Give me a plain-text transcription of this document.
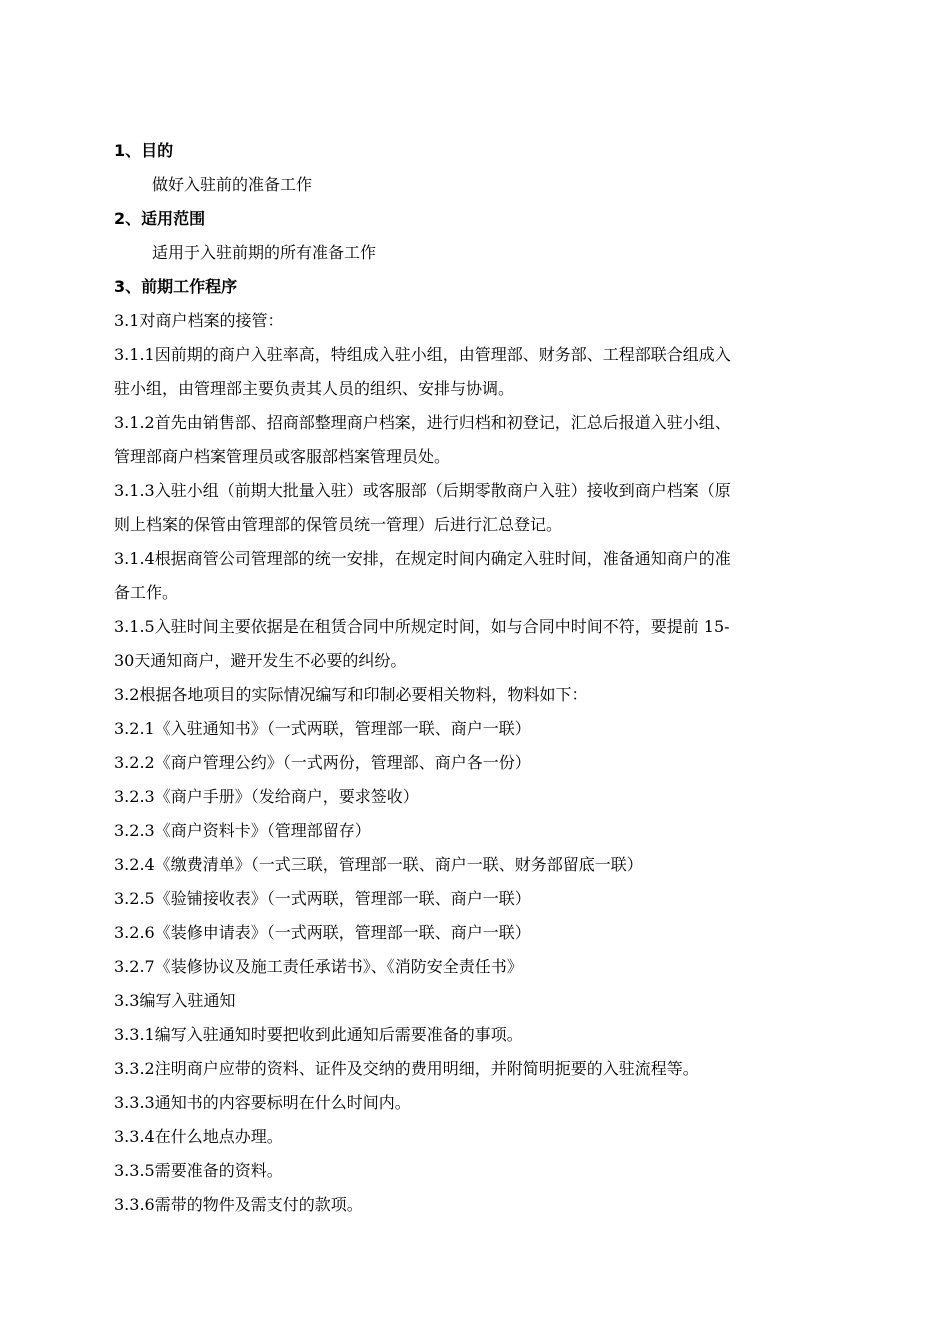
1、目的
做好入驻前的准备工作
2、适用范围
适用于入驻前期的所有准备工作
3、前期工作程序
3.1对商户档案的接管：
3.1.1因前期的商户入驻率高，特组成入驻小组，由管理部、财务部、工程部联合组成入
驻小组，由管理部主要负责其人员的组织、安排与协调。
3.1.2首先由销售部、招商部整理商户档案，进行归档和初登记，汇总后报道入驻小组、
管理部商户档案管理员或客服部档案管理员处。
3.1.3入驻小组（前期大批量入驻）或客服部（后期零散商户入驻）接收到商户档案（原
则上档案的保管由管理部的保管员统一管理）后进行汇总登记。
3.1.4根据商管公司管理部的统一安排，在规定时间内确定入驻时间，准备通知商户的准
备工作。
3.1.5入驻时间主要依据是在租赁合同中所规定时间，如与合同中时间不符，要提前 15-
30天通知商户，避开发生不必要的纠纷。
3.2根据各地项目的实际情况编写和印制必要相关物料，物料如下：
3.2.1《入驻通知书》（一式两联，管理部一联、商户一联）
3.2.2《商户管理公约》（一式两份，管理部、商户各一份）
3.2.3《商户手册》（发给商户，要求签收）
3.2.3《商户资料卡》（管理部留存）
3.2.4《缴费清单》（一式三联，管理部一联、商户一联、财务部留底一联）
3.2.5《验铺接收表》（一式两联，管理部一联、商户一联）
3.2.6《装修申请表》（一式两联，管理部一联、商户一联）
3.2.7《装修协议及施工责任承诺书》、《消防安全责任书》
3.3编写入驻通知
3.3.1编写入驻通知时要把收到此通知后需要准备的事项。
3.3.2注明商户应带的资料、证件及交纳的费用明细，并附简明扼要的入驻流程等。
3.3.3通知书的内容要标明在什么时间内。
3.3.4在什么地点办理。
3.3.5需要准备的资料。
3.3.6需带的物件及需支付的款项。
